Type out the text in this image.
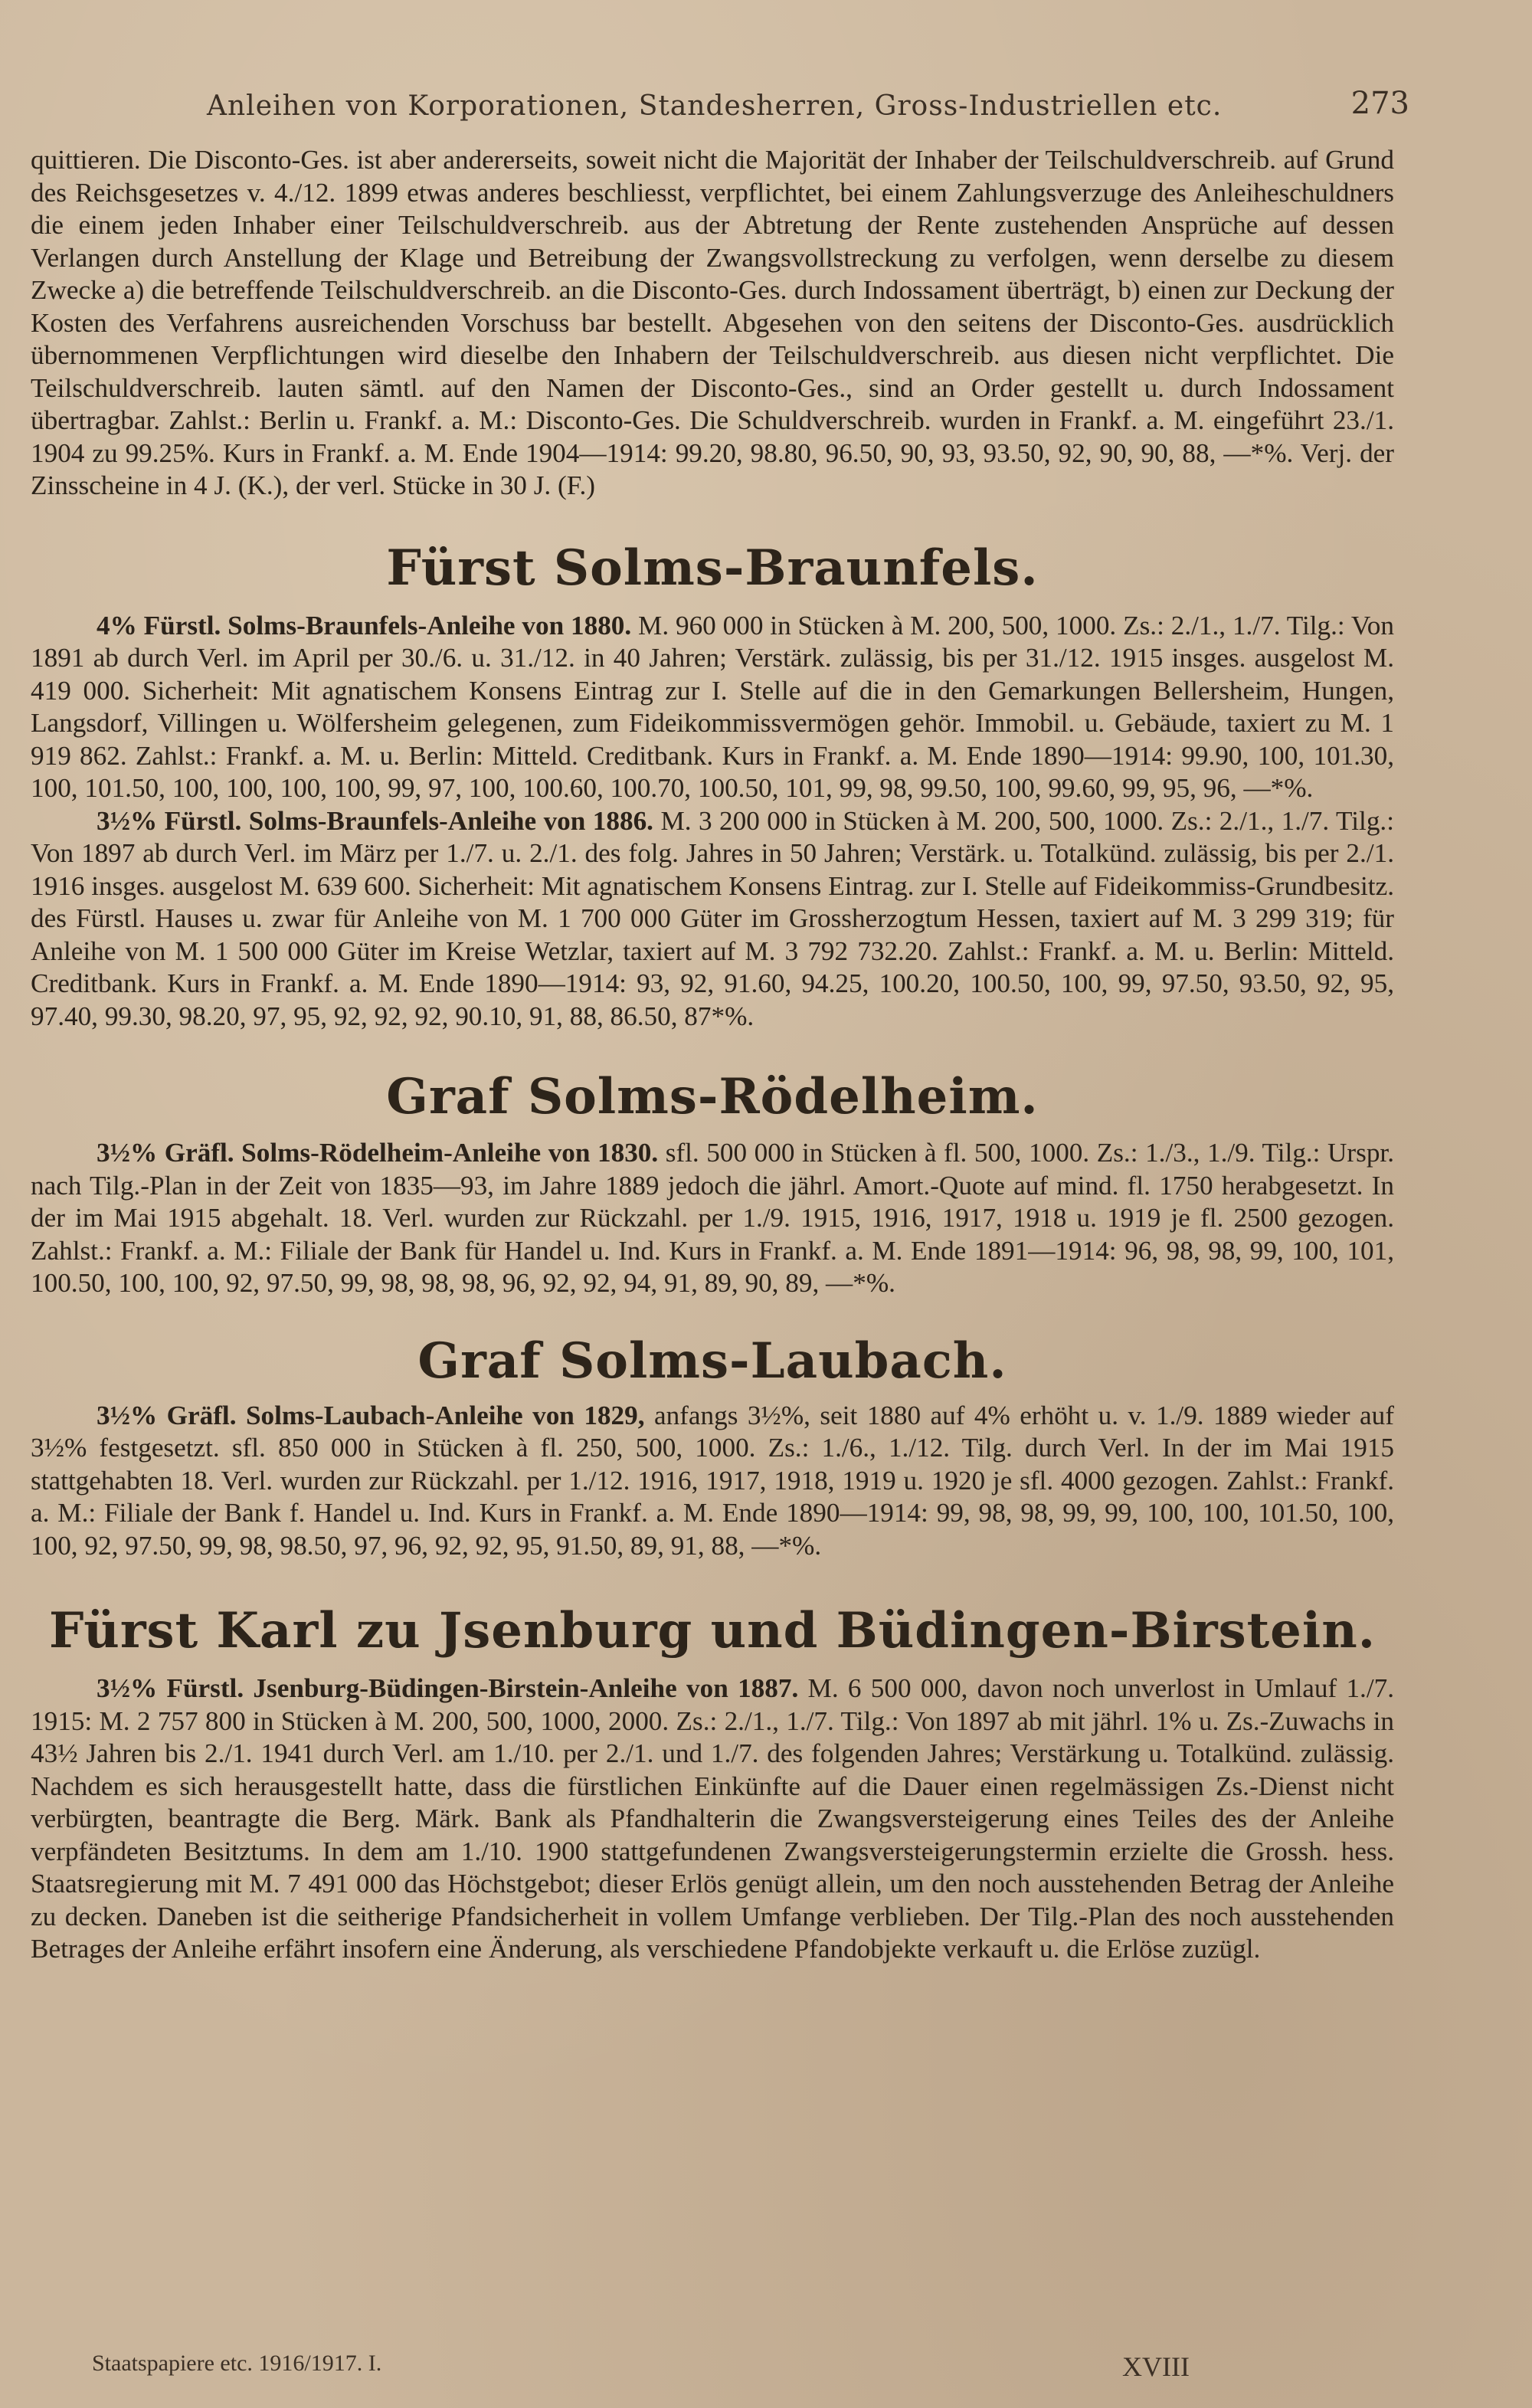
Anleihen von Korporationen, Standesherren, Gross-Industriellen etc.	273

quittieren. Die Disconto-Ges. ist aber andererseits, soweit nicht die Majorität der Inhaber der Teilschuldverschreib. auf Grund des Reichsgesetzes v. 4./12. 1899 etwas anderes beschliesst, verpflichtet, bei einem Zahlungsverzuge des Anleiheschuldners die einem jeden Inhaber einer Teilschuldverschreib. aus der Abtretung der Rente zustehenden Ansprüche auf dessen Verlangen durch Anstellung der Klage und Betreibung der Zwangsvollstreckung zu verfolgen, wenn derselbe zu diesem Zwecke a) die betreffende Teilschuldverschreib. an die Disconto-Ges. durch Indossament überträgt, b) einen zur Deckung der Kosten des Verfahrens ausreichenden Vorschuss bar bestellt. Abgesehen von den seitens der Disconto-Ges. ausdrücklich übernommenen Verpflichtungen wird dieselbe den Inhabern der Teilschuldverschreib. aus diesen nicht verpflichtet. Die Teilschuldverschreib. lauten sämtl. auf den Namen der Disconto-Ges., sind an Order gestellt u. durch Indossament übertragbar. Zahlst.: Berlin u. Frankf. a. M.: Disconto-Ges. Die Schuldverschreib. wurden in Frankf. a. M. eingeführt 23./1. 1904 zu 99.25%. Kurs in Frankf. a. M. Ende 1904—1914: 99.20, 98.80, 96.50, 90, 93, 93.50, 92, 90, 90, 88, —*%. Verj. der Zinsscheine in 4 J. (K.), der verl. Stücke in 30 J. (F.)

Fürst Solms-Braunfels.

4% Fürstl. Solms-Braunfels-Anleihe von 1880. M. 960 000 in Stücken à M. 200, 500, 1000. Zs.: 2./1., 1./7. Tilg.: Von 1891 ab durch Verl. im April per 30./6. u. 31./12. in 40 Jahren; Verstärk. zulässig, bis per 31./12. 1915 insges. ausgelost M. 419 000. Sicherheit: Mit agnatischem Konsens Eintrag zur I. Stelle auf die in den Gemarkungen Bellersheim, Hungen, Langsdorf, Villingen u. Wölfersheim gelegenen, zum Fideikommissvermögen gehör. Immobil. u. Gebäude, taxiert zu M. 1 919 862. Zahlst.: Frankf. a. M. u. Berlin: Mitteld. Creditbank. Kurs in Frankf. a. M. Ende 1890—1914: 99.90, 100, 101.30, 100, 101.50, 100, 100, 100, 100, 99, 97, 100, 100.60, 100.70, 100.50, 101, 99, 98, 99.50, 100, 99.60, 99, 95, 96, —*%.

3½% Fürstl. Solms-Braunfels-Anleihe von 1886. M. 3 200 000 in Stücken à M. 200, 500, 1000. Zs.: 2./1., 1./7. Tilg.: Von 1897 ab durch Verl. im März per 1./7. u. 2./1. des folg. Jahres in 50 Jahren; Verstärk. u. Totalkünd. zulässig, bis per 2./1. 1916 insges. ausgelost M. 639 600. Sicherheit: Mit agnatischem Konsens Eintrag. zur I. Stelle auf Fideikommiss-Grundbesitz. des Fürstl. Hauses u. zwar für Anleihe von M. 1 700 000 Güter im Grossherzogtum Hessen, taxiert auf M. 3 299 319; für Anleihe von M. 1 500 000 Güter im Kreise Wetzlar, taxiert auf M. 3 792 732.20. Zahlst.: Frankf. a. M. u. Berlin: Mitteld. Creditbank. Kurs in Frankf. a. M. Ende 1890—1914: 93, 92, 91.60, 94.25, 100.20, 100.50, 100, 99, 97.50, 93.50, 92, 95, 97.40, 99.30, 98.20, 97, 95, 92, 92, 92, 90.10, 91, 88, 86.50, 87*%.

Graf Solms-Rödelheim.

3½% Gräfl. Solms-Rödelheim-Anleihe von 1830. sfl. 500 000 in Stücken à fl. 500, 1000. Zs.: 1./3., 1./9. Tilg.: Urspr. nach Tilg.-Plan in der Zeit von 1835—93, im Jahre 1889 jedoch die jährl. Amort.-Quote auf mind. fl. 1750 herabgesetzt. In der im Mai 1915 abgehalt. 18. Verl. wurden zur Rückzahl. per 1./9. 1915, 1916, 1917, 1918 u. 1919 je fl. 2500 gezogen. Zahlst.: Frankf. a. M.: Filiale der Bank für Handel u. Ind. Kurs in Frankf. a. M. Ende 1891—1914: 96, 98, 98, 99, 100, 101, 100.50, 100, 100, 92, 97.50, 99, 98, 98, 98, 96, 92, 92, 94, 91, 89, 90, 89, —*%.

Graf Solms-Laubach.

3½% Gräfl. Solms-Laubach-Anleihe von 1829, anfangs 3½%, seit 1880 auf 4% erhöht u. v. 1./9. 1889 wieder auf 3½% festgesetzt. sfl. 850 000 in Stücken à fl. 250, 500, 1000. Zs.: 1./6., 1./12. Tilg. durch Verl. In der im Mai 1915 stattgehabten 18. Verl. wurden zur Rückzahl. per 1./12. 1916, 1917, 1918, 1919 u. 1920 je sfl. 4000 gezogen. Zahlst.: Frankf. a. M.: Filiale der Bank f. Handel u. Ind. Kurs in Frankf. a. M. Ende 1890—1914: 99, 98, 98, 99, 99, 100, 100, 101.50, 100, 100, 92, 97.50, 99, 98, 98.50, 97, 96, 92, 92, 95, 91.50, 89, 91, 88, —*%.

Fürst Karl zu Jsenburg und Büdingen-Birstein.

3½% Fürstl. Jsenburg-Büdingen-Birstein-Anleihe von 1887. M. 6 500 000, davon noch unverlost in Umlauf 1./7. 1915: M. 2 757 800 in Stücken à M. 200, 500, 1000, 2000. Zs.: 2./1., 1./7. Tilg.: Von 1897 ab mit jährl. 1% u. Zs.-Zuwachs in 43½ Jahren bis 2./1. 1941 durch Verl. am 1./10. per 2./1. und 1./7. des folgenden Jahres; Verstärkung u. Totalkünd. zulässig. Nachdem es sich herausgestellt hatte, dass die fürstlichen Einkünfte auf die Dauer einen regelmässigen Zs.-Dienst nicht verbürgten, beantragte die Berg. Märk. Bank als Pfandhalterin die Zwangsversteigerung eines Teiles des der Anleihe verpfändeten Besitztums. In dem am 1./10. 1900 stattgefundenen Zwangsversteigerungstermin erzielte die Grossh. hess. Staatsregierung mit M. 7 491 000 das Höchstgebot; dieser Erlös genügt allein, um den noch ausstehenden Betrag der Anleihe zu decken. Daneben ist die seitherige Pfandsicherheit in vollem Umfange verblieben. Der Tilg.-Plan des noch ausstehenden Betrages der Anleihe erfährt insofern eine Änderung, als verschiedene Pfandobjekte verkauft u. die Erlöse zuzügl.

Staatspapiere etc. 1916/1917. I.	XVIII
